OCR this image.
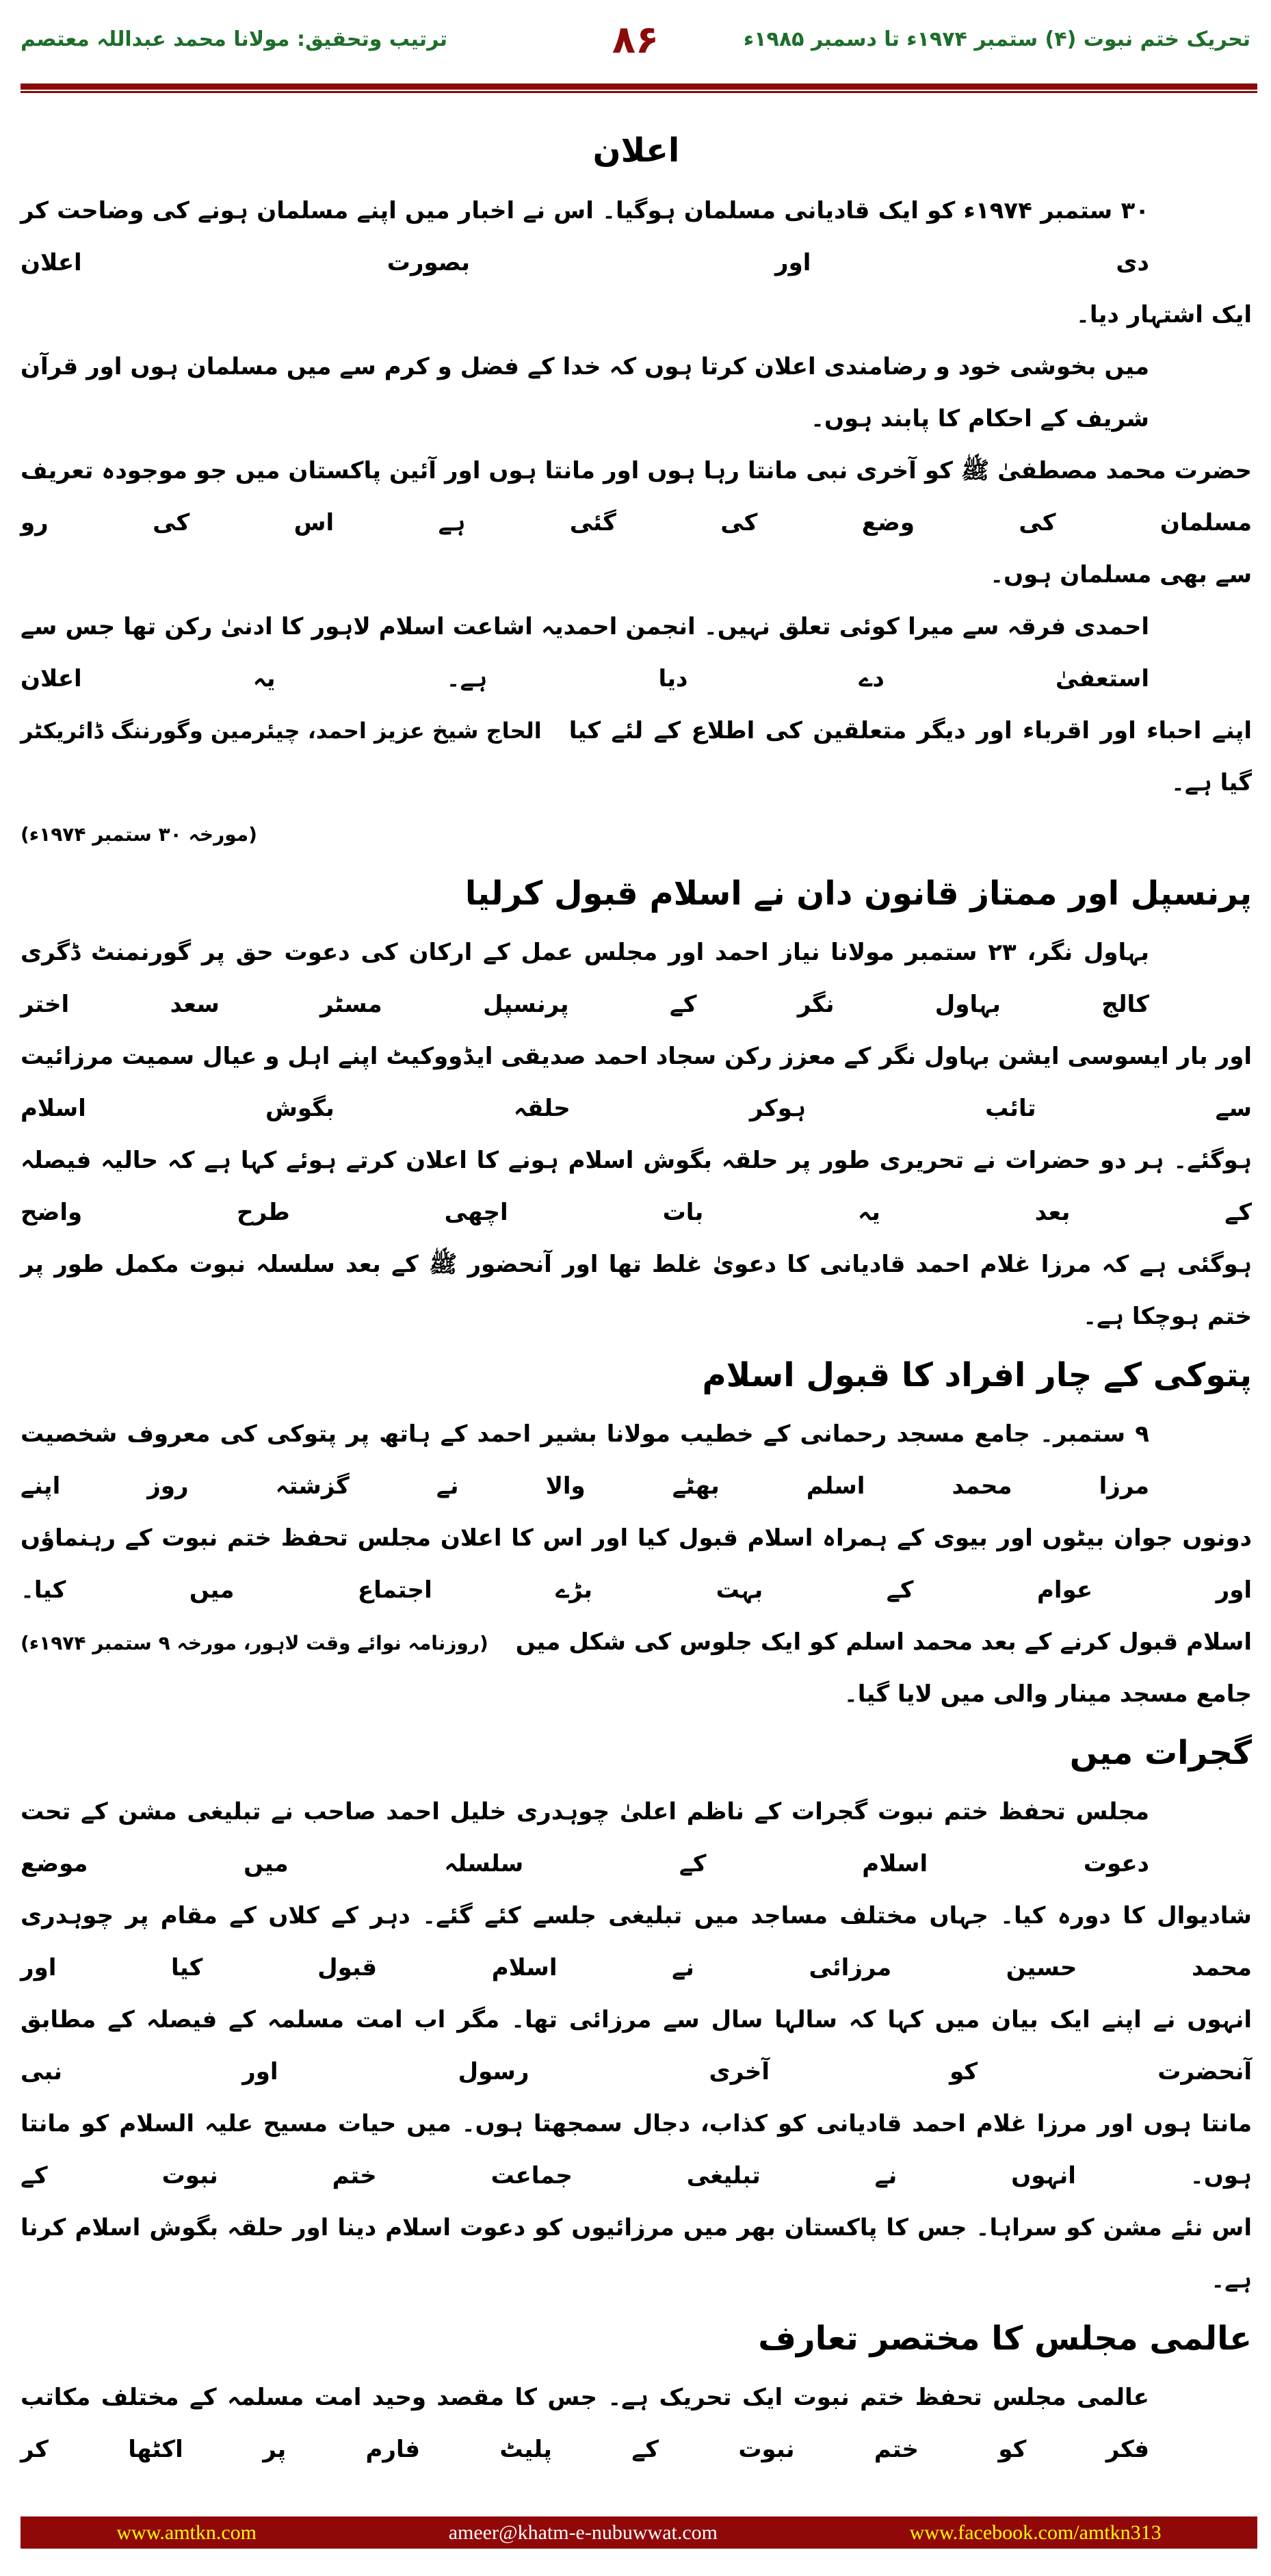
تحریک ختم نبوت (۴) ستمبر ۱۹۷۴ء تا دسمبر ۱۹۸۵ء
۸۶
ترتیب وتحقیق: مولانا محمد عبداللہ معتصم
اعلان
۳۰ ستمبر ۱۹۷۴ء کو ایک قادیانی مسلمان ہوگیا۔ اس نے اخبار میں اپنے مسلمان ہونے کی وضاحت کر دی اور بصورت اعلان
ایک اشتہار دیا۔
میں بخوشی خود و رضامندی اعلان کرتا ہوں کہ خدا کے فضل و کرم سے میں مسلمان ہوں اور قرآن شریف کے احکام کا پابند ہوں۔
حضرت محمد مصطفیٰ ﷺ کو آخری نبی مانتا رہا ہوں اور مانتا ہوں اور آئین پاکستان میں جو موجودہ تعریف مسلمان کی وضع کی گئی ہے اس کی رو
سے بھی مسلمان ہوں۔
احمدی فرقہ سے میرا کوئی تعلق نہیں۔ انجمن احمدیہ اشاعت اسلام لاہور کا ادنیٰ رکن تھا جس سے استعفیٰ دے دیا ہے۔ یہ اعلان
اپنے احباء اور اقرباء اور دیگر متعلقین کی اطلاع کے لئے کیا گیا ہے۔
الحاج شیخ عزیز احمد، چیئرمین وگورننگ ڈائریکٹر
(مورخہ ۳۰ ستمبر ۱۹۷۴ء)
پرنسپل اور ممتاز قانون دان نے اسلام قبول کرلیا
بہاول نگر، ۲۳ ستمبر مولانا نیاز احمد اور مجلس عمل کے ارکان کی دعوت حق پر گورنمنٹ ڈگری کالج بہاول نگر کے پرنسپل مسٹر سعد اختر
اور بار ایسوسی ایشن بہاول نگر کے معزز رکن سجاد احمد صدیقی ایڈووکیٹ اپنے اہل و عیال سمیت مرزائیت سے تائب ہوکر حلقہ بگوش اسلام
ہوگئے۔ ہر دو حضرات نے تحریری طور پر حلقہ بگوش اسلام ہونے کا اعلان کرتے ہوئے کہا ہے کہ حالیہ فیصلہ کے بعد یہ بات اچھی طرح واضح
ہوگئی ہے کہ مرزا غلام احمد قادیانی کا دعویٰ غلط تھا اور آنحضور ﷺ کے بعد سلسلہ نبوت مکمل طور پر ختم ہوچکا ہے۔
پتوکی کے چار افراد کا قبول اسلام
۹ ستمبر۔ جامع مسجد رحمانی کے خطیب مولانا بشیر احمد کے ہاتھ پر پتوکی کی معروف شخصیت مرزا محمد اسلم بھٹے والا نے گزشتہ روز اپنے
دونوں جوان بیٹوں اور بیوی کے ہمراہ اسلام قبول کیا اور اس کا اعلان مجلس تحفظ ختم نبوت کے رہنماؤں اور عوام کے بہت بڑے اجتماع میں کیا۔
اسلام قبول کرنے کے بعد محمد اسلم کو ایک جلوس کی شکل میں جامع مسجد مینار والی میں لایا گیا۔
(روزنامہ نوائے وقت لاہور، مورخہ ۹ ستمبر ۱۹۷۴ء)
گجرات میں
مجلس تحفظ ختم نبوت گجرات کے ناظم اعلیٰ چوہدری خلیل احمد صاحب نے تبلیغی مشن کے تحت دعوت اسلام کے سلسلہ میں موضع
شادیوال کا دورہ کیا۔ جہاں مختلف مساجد میں تبلیغی جلسے کئے گئے۔ دہر کے کلاں کے مقام پر چوہدری محمد حسین مرزائی نے اسلام قبول کیا اور
انہوں نے اپنے ایک بیان میں کہا کہ سالہا سال سے مرزائی تھا۔ مگر اب امت مسلمہ کے فیصلہ کے مطابق آنحضرت کو آخری رسول اور نبی
مانتا ہوں اور مرزا غلام احمد قادیانی کو کذاب، دجال سمجھتا ہوں۔ میں حیات مسیح علیہ السلام کو مانتا ہوں۔ انہوں نے تبلیغی جماعت ختم نبوت کے
اس نئے مشن کو سراہا۔ جس کا پاکستان بھر میں مرزائیوں کو دعوت اسلام دینا اور حلقہ بگوش اسلام کرنا ہے۔
عالمی مجلس کا مختصر تعارف
عالمی مجلس تحفظ ختم نبوت ایک تحریک ہے۔ جس کا مقصد وحید امت مسلمہ کے مختلف مکاتب فکر کو ختم نبوت کے پلیٹ فارم پر اکٹھا کر
www.amtkn.com	ameer@khatm-e-nubuwwat.com	www.facebook.com/amtkn313
